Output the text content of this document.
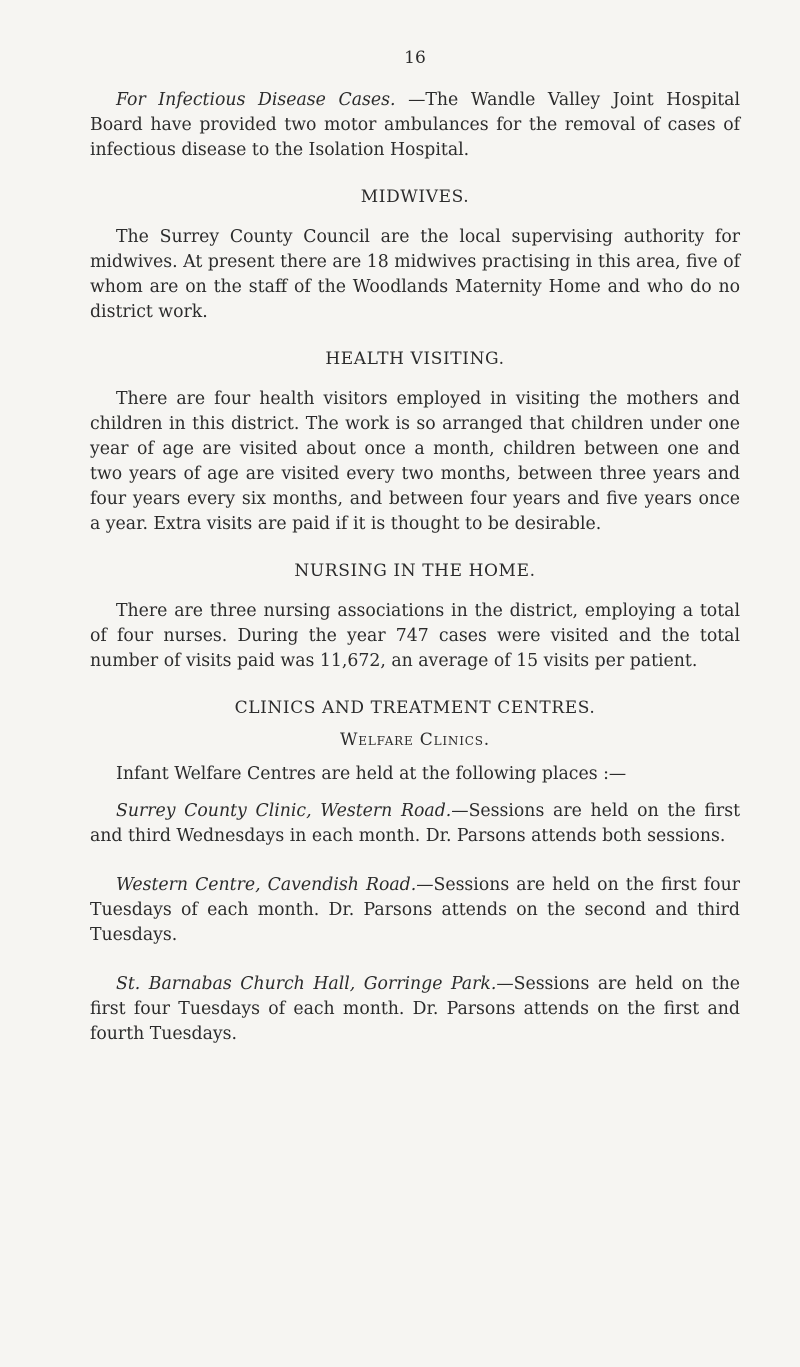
16

For Infectious Disease Cases. —The Wandle Valley Joint Hospital Board have provided two motor ambulances for the removal of cases of infectious disease to the Isolation Hospital.

MIDWIVES.

The Surrey County Council are the local supervising authority for midwives. At present there are 18 midwives practising in this area, five of whom are on the staff of the Woodlands Maternity Home and who do no district work.

HEALTH VISITING.

There are four health visitors employed in visiting the mothers and children in this district. The work is so arranged that children under one year of age are visited about once a month, children between one and two years of age are visited every two months, between three years and four years every six months, and between four years and five years once a year. Extra visits are paid if it is thought to be desirable.

NURSING IN THE HOME.

There are three nursing associations in the district, employing a total of four nurses. During the year 747 cases were visited and the total number of visits paid was 11,672, an average of 15 visits per patient.

CLINICS AND TREATMENT CENTRES.
Welfare Clinics.

Infant Welfare Centres are held at the following places :—

Surrey County Clinic, Western Road.—Sessions are held on the first and third Wednesdays in each month. Dr. Parsons attends both sessions.

Western Centre, Cavendish Road.—Sessions are held on the first four Tuesdays of each month. Dr. Parsons attends on the second and third Tuesdays.

St. Barnabas Church Hall, Gorringe Park.—Sessions are held on the first four Tuesdays of each month. Dr. Parsons attends on the first and fourth Tuesdays.
